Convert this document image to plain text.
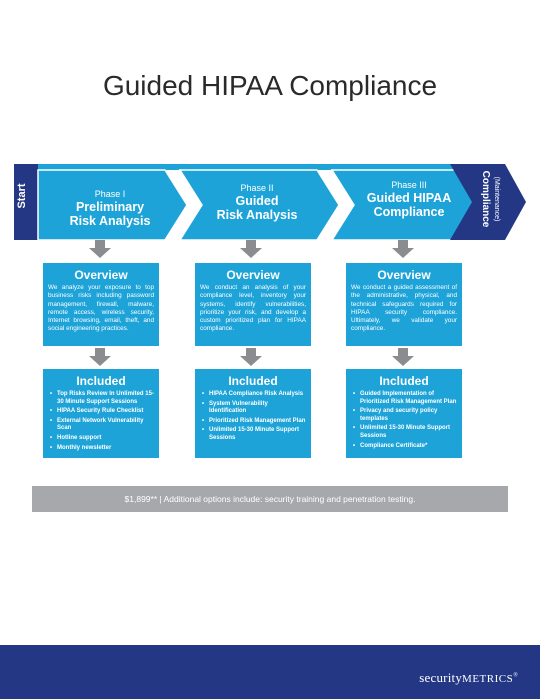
Guided HIPAA Compliance
Start	(Maintenance)
Compliance
Phase I
Preliminary
Risk Analysis
Phase II
Guided
Risk Analysis
Phase III
Guided HIPAA
Compliance
Overview

We analyze your exposure to top business risks including password management, firewall, malware, remote access, wireless security, Internet browsing, email, theft, and social engineering practices.

Overview

We conduct an analysis of your compliance level, inventory your systems, identify vulnerabilities, prioritize your risk, and develop a custom prioritized plan for HIPAA compliance.

Overview

We conduct a guided assessment of the administrative, physical, and technical safeguards required for HIPAA security compliance. Ultimately, we validate your compliance.

Included
• Top Risks Review In Unlimited 15-30 Minute Support Sessions
• HIPAA Security Rule Checklist
• External Network Vulnerability Scan
• Hotline support
• Monthly newsletter
Included
• HIPAA Compliance Risk Analysis
• System Vulnerability Identification
• Prioritized Risk Management Plan
• Unlimited 15-30 Minute Support Sessions
Included
• Guided Implementation of Prioritized Risk Management Plan
• Privacy and security policy templates
• Unlimited 15-30 Minute Support Sessions
• Compliance Certificate*
$1,899** | Additional options include: security training and penetration testing.
securityMETRICS®
